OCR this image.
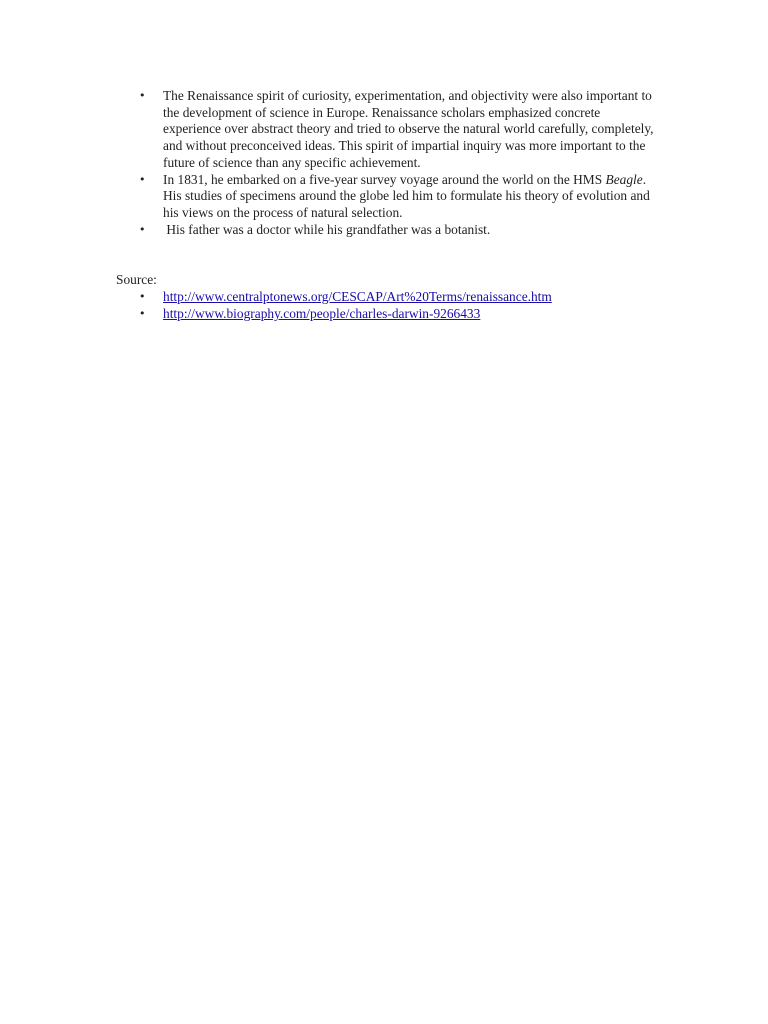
•	The Renaissance spirit of curiosity, experimentation, and objectivity were also important to the development of science in Europe. Renaissance scholars emphasized concrete experience over abstract theory and tried to observe the natural world carefully, completely, and without preconceived ideas. This spirit of impartial inquiry was more important to the future of science than any specific achievement.
•	In 1831, he embarked on a five-year survey voyage around the world on the HMS Beagle. His studies of specimens around the globe led him to formulate his theory of evolution and his views on the process of natural selection.
•	His father was a doctor while his grandfather was a botanist.

Source:

•	http://www.centralptonews.org/CESCAP/Art%20Terms/renaissance.htm
•	http://www.biography.com/people/charles-darwin-9266433
